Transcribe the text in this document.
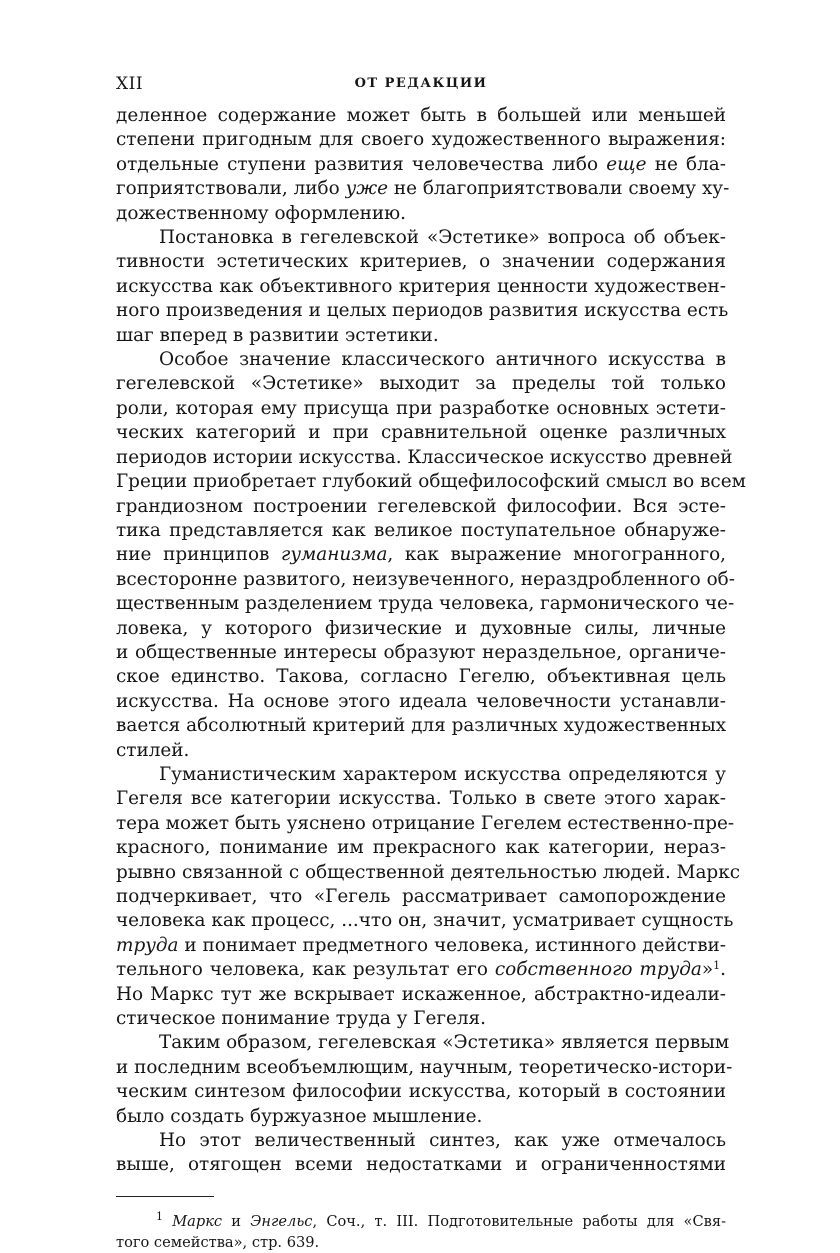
XII	ОТ РЕДАКЦИИ
деленное содержание может быть в большей или меньшей
степени пригодным для своего художественного выражения:
отдельные ступени развития человечества либо еще не бла-
гоприятствовали, либо уже не благоприятствовали своему ху-
дожественному оформлению.
Постановка в гегелевской «Эстетике» вопроса об объек-
тивности эстетических критериев, о значении содержания
искусства как объективного критерия ценности художествен-
ного произведения и целых периодов развития искусства есть
шаг вперед в развитии эстетики.
Особое значение классического античного искусства в
гегелевской «Эстетике» выходит за пределы той только
роли, которая ему присуща при разработке основных эстети-
ческих категорий и при сравнительной оценке различных
периодов истории искусства. Классическое искусство древней
Греции приобретает глубокий общефилософский смысл во всем
грандиозном построении гегелевской философии. Вся эсте-
тика представляется как великое поступательное обнаруже-
ние принципов гуманизма, как выражение многогранного,
всесторонне развитого, неизувеченного, нераздробленного об-
щественным разделением труда человека, гармонического че-
ловека, у которого физические и духовные силы, личные
и общественные интересы образуют нераздельное, органиче-
ское единство. Такова, согласно Гегелю, объективная цель
искусства. На основе этого идеала человечности устанавли-
вается абсолютный критерий для различных художественных
стилей.
Гуманистическим характером искусства определяются у
Гегеля все категории искусства. Только в свете этого харак-
тера может быть уяснено отрицание Гегелем естественно-пре-
красного, понимание им прекрасного как категории, нераз-
рывно связанной с общественной деятельностью людей. Маркс
подчеркивает, что «Гегель рассматривает самопорождение
человека как процесс, ...что он, значит, усматривает сущность
труда и понимает предметного человека, истинного действи-
тельного человека, как результат его собственного труда»$^1$.
Но Маркс тут же вскрывает искаженное, абстрактно-идеали-
стическое понимание труда у Гегеля.
Таким образом, гегелевская «Эстетика» является первым
и последним всеобъемлющим, научным, теоретическо-истори-
ческим синтезом философии искусства, который в состоянии
было создать буржуазное мышление.
Но этот величественный синтез, как уже отмечалось
выше, отягощен всеми недостатками и ограниченностями
$^1$ Маркс и Энгельс, Соч., т. III. Подготовительные работы для «Свя-
того семейства», стр. 639.
